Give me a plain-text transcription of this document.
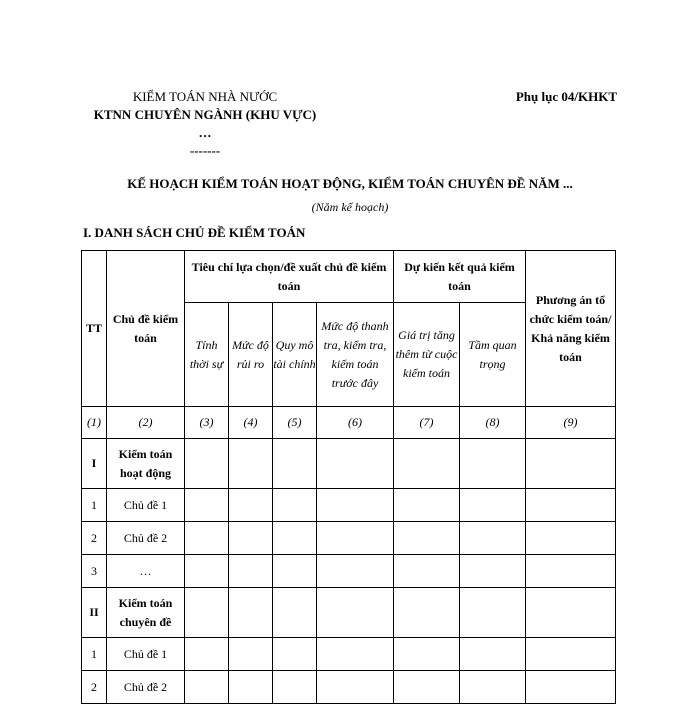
KIỂM TOÁN NHÀ NƯỚC
KTNN CHUYÊN NGÀNH (KHU VỰC)
…
-------
Phụ lục 04/KHKT
KẾ HOẠCH KIỂM TOÁN HOẠT ĐỘNG, KIỂM TOÁN CHUYÊN ĐỀ NĂM ...
(Năm kế hoạch)
I. DANH SÁCH CHỦ ĐỀ KIỂM TOÁN
TT	Chủ đề kiểm toán	Tiêu chí lựa chọn/đề xuất chủ đề kiểm toán				Dự kiến kết quả kiểm toán		Phương án tổ chức kiểm toán/ Khả năng kiểm toán
		Tính thời sự	Mức độ rủi ro	Quy mô tài chính	Mức độ thanh tra, kiểm tra, kiểm toán trước đây	Giá trị tăng thêm từ cuộc kiểm toán	Tầm quan trọng	
(1)	(2)	(3)	(4)	(5)	(6)	(7)	(8)	(9)
I	Kiểm toán hoạt động							
1	Chủ đề 1							
2	Chủ đề 2							
3	…							
II	Kiểm toán chuyên đề							
1	Chủ đề 1							
2	Chủ đề 2							
